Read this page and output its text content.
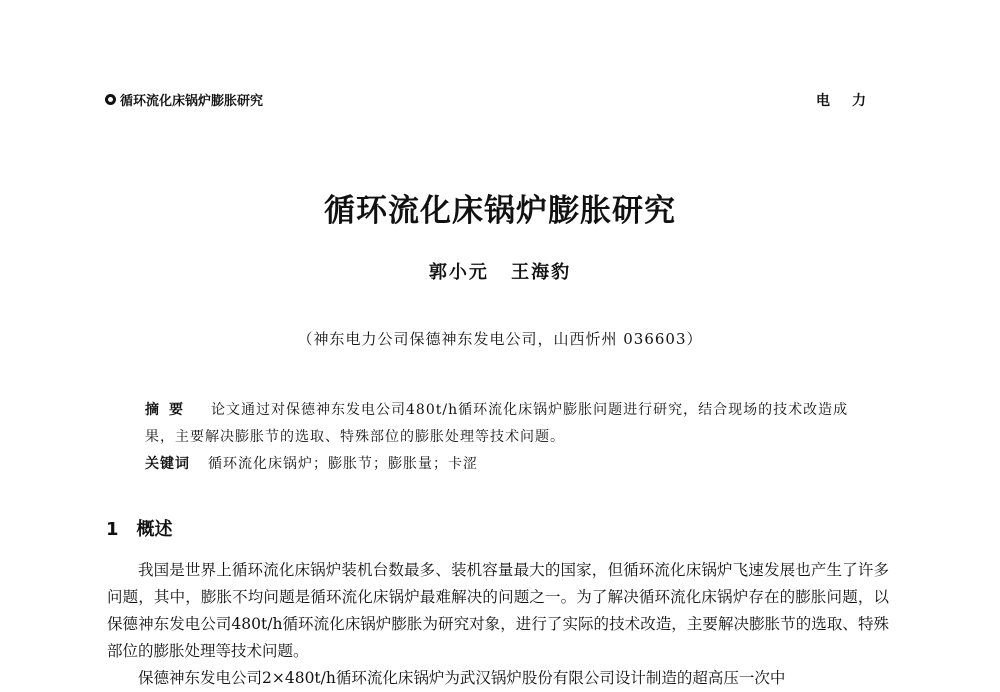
循环流化床锅炉膨胀研究	电力
循环流化床锅炉膨胀研究
郭小元 王海豹
（神东电力公司保德神东发电公司，山西忻州 036603）
摘要 论文通过对保德神东发电公司480t/h循环流化床锅炉膨胀问题进行研究，结合现场的技术改造成果，主要解决膨胀节的选取、特殊部位的膨胀处理等技术问题。
关键词 循环流化床锅炉；膨胀节；膨胀量；卡涩
1 概述
我国是世界上循环流化床锅炉装机台数最多、装机容量最大的国家，但循环流化床锅炉飞速发展也产生了许多问题，其中，膨胀不均问题是循环流化床锅炉最难解决的问题之一。为了解决循环流化床锅炉存在的膨胀问题，以保德神东发电公司480t/h循环流化床锅炉膨胀为研究对象，进行了实际的技术改造，主要解决膨胀节的选取、特殊部位的膨胀处理等技术问题。
保德神东发电公司2×480t/h循环流化床锅炉为武汉锅炉股份有限公司设计制造的超高压一次中
